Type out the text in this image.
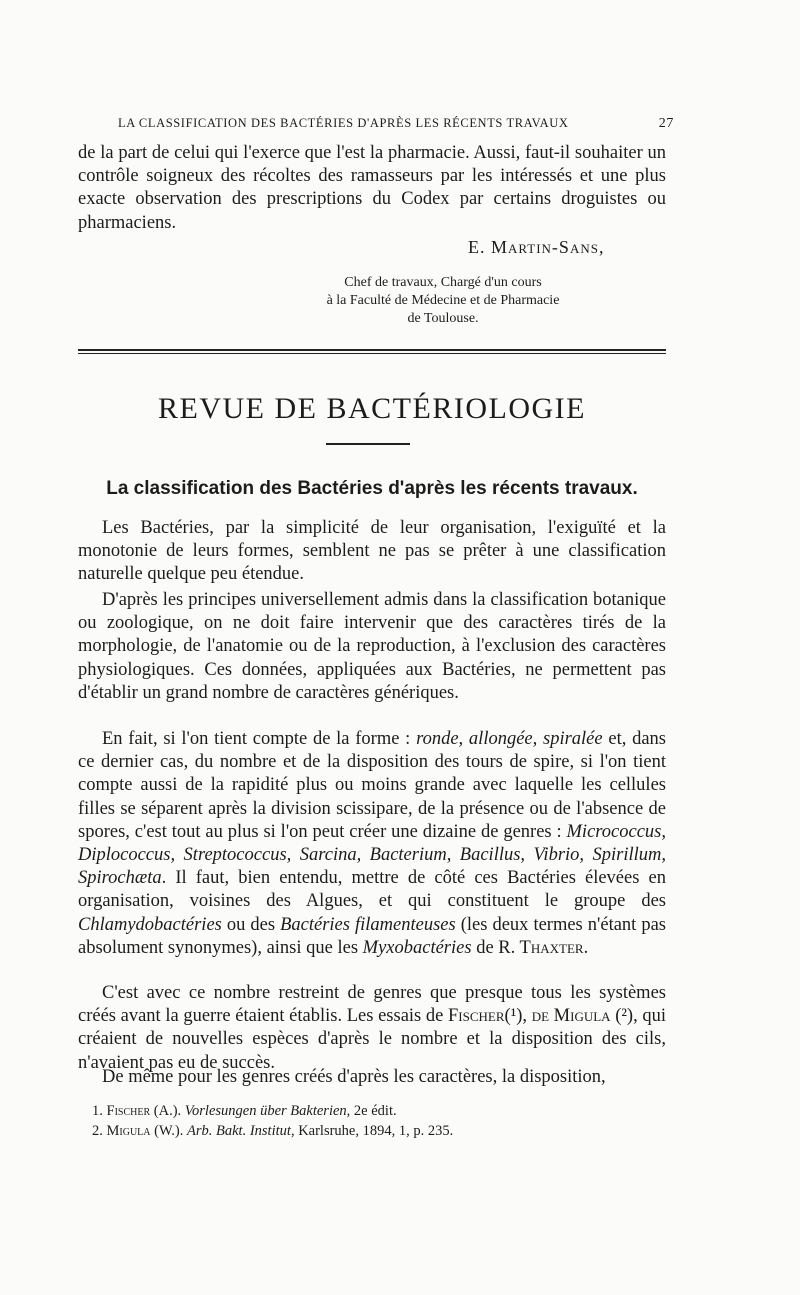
LA CLASSIFICATION DES BACTÉRIES D'APRÈS LES RÉCENTS TRAVAUX	27

de la part de celui qui l'exerce que l'est la pharmacie. Aussi, faut-il souhaiter un contrôle soigneux des récoltes des ramasseurs par les intéressés et une plus exacte observation des prescriptions du Codex par certains droguistes ou pharmaciens.

E. Martin-Sans,
Chef de travaux, Chargé d'un cours
à la Faculté de Médecine et de Pharmacie
de Toulouse.
REVUE DE BACTÉRIOLOGIE
La classification des Bactéries d'après les récents travaux.

Les Bactéries, par la simplicité de leur organisation, l'exiguïté et la monotonie de leurs formes, semblent ne pas se prêter à une classification naturelle quelque peu étendue.

D'après les principes universellement admis dans la classification botanique ou zoologique, on ne doit faire intervenir que des caractères tirés de la morphologie, de l'anatomie ou de la reproduction, à l'exclusion des caractères physiologiques. Ces données, appliquées aux Bactéries, ne permettent pas d'établir un grand nombre de caractères génériques.

En fait, si l'on tient compte de la forme : ronde, allongée, spiralée et, dans ce dernier cas, du nombre et de la disposition des tours de spire, si l'on tient compte aussi de la rapidité plus ou moins grande avec laquelle les cellules filles se séparent après la division scissipare, de la présence ou de l'absence de spores, c'est tout au plus si l'on peut créer une dizaine de genres : Micrococcus, Diplococcus, Streptococcus, Sarcina, Bacterium, Bacillus, Vibrio, Spirillum, Spirochæta. Il faut, bien entendu, mettre de côté ces Bactéries élevées en organisation, voisines des Algues, et qui constituent le groupe des Chlamydobactéries ou des Bactéries filamenteuses (les deux termes n'étant pas absolument synonymes), ainsi que les Myxobactéries de R. Thaxter.

C'est avec ce nombre restreint de genres que presque tous les systèmes créés avant la guerre étaient établis. Les essais de Fischer(¹), de Migula (²), qui créaient de nouvelles espèces d'après le nombre et la disposition des cils, n'avaient pas eu de succès.

De même pour les genres créés d'après les caractères, la disposition,

1. Fischer (A.). Vorlesungen über Bakterien, 2e édit.
2. Migula (W.). Arb. Bakt. Institut, Karlsruhe, 1894, 1, p. 235.
